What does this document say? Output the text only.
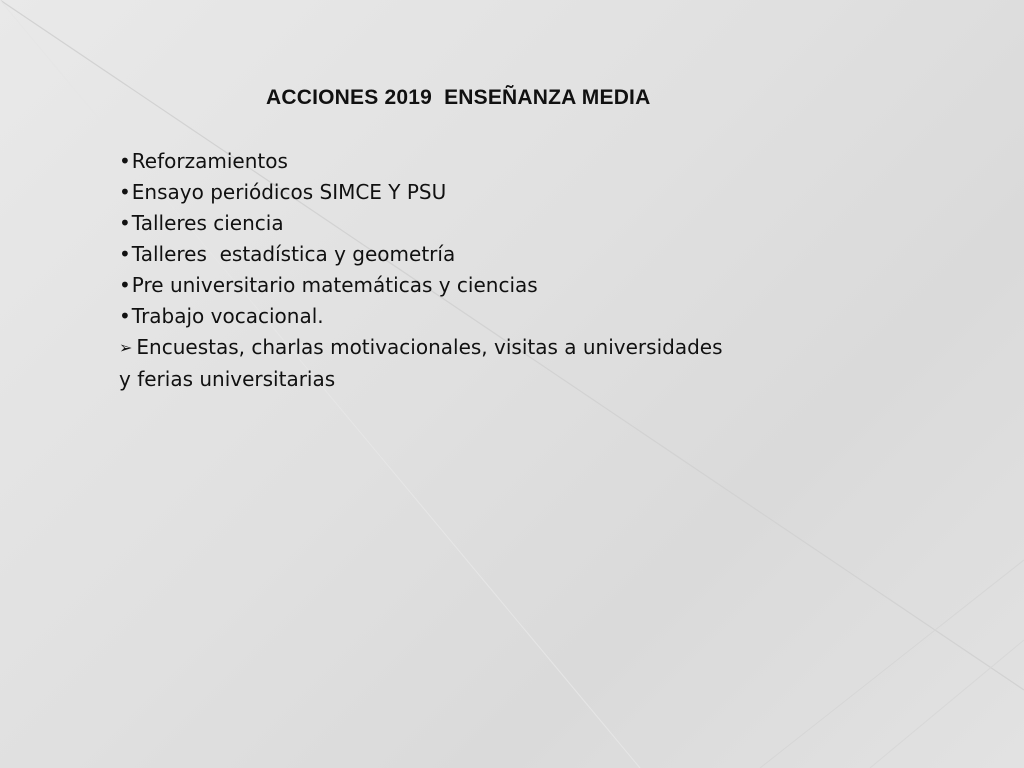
ACCIONES 2019  ENSEÑANZA MEDIA
•Reforzamientos
•Ensayo periódicos SIMCE Y PSU
•Talleres ciencia
•Talleres  estadística y geometría
•Pre universitario matemáticas y ciencias
•Trabajo vocacional.
➢ Encuestas, charlas motivacionales, visitas a universidades y ferias universitarias
